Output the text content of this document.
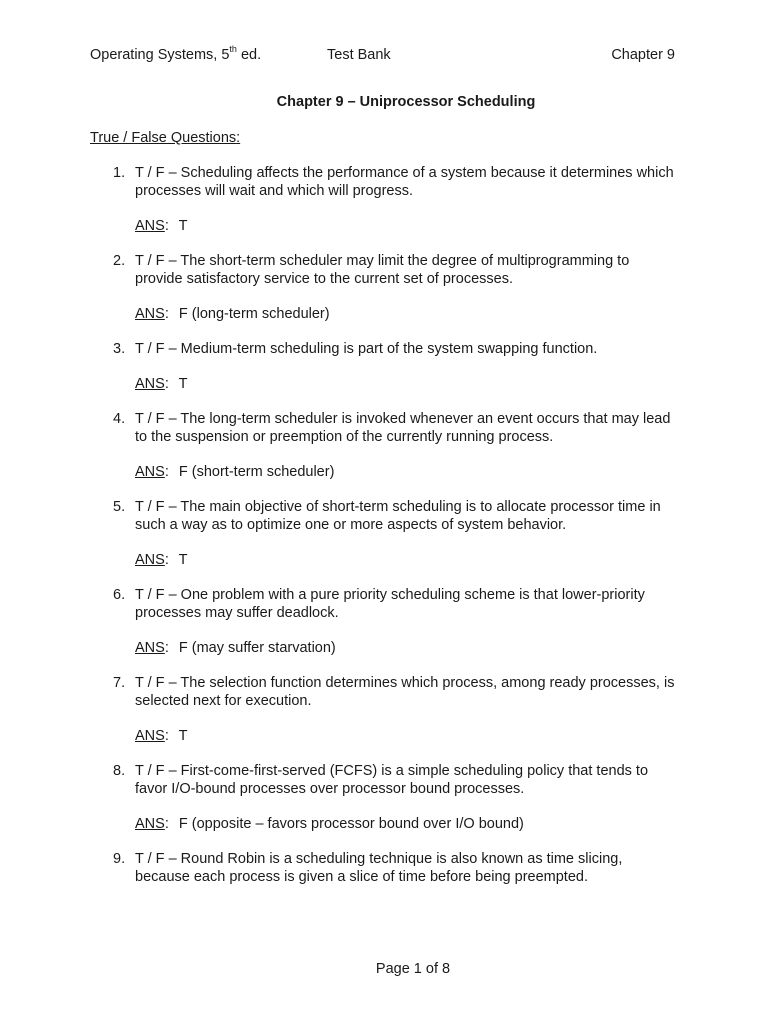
Operating Systems, 5th ed.	Test Bank	Chapter 9
Chapter 9 – Uniprocessor Scheduling
True / False Questions:
1. T / F – Scheduling affects the performance of a system because it determines which processes will wait and which will progress.
ANS: T
2. T / F – The short-term scheduler may limit the degree of multiprogramming to provide satisfactory service to the current set of processes.
ANS: F (long-term scheduler)
3. T / F – Medium-term scheduling is part of the system swapping function.
ANS: T
4. T / F – The long-term scheduler is invoked whenever an event occurs that may lead to the suspension or preemption of the currently running process.
ANS: F (short-term scheduler)
5. T / F – The main objective of short-term scheduling is to allocate processor time in such a way as to optimize one or more aspects of system behavior.
ANS: T
6. T / F – One problem with a pure priority scheduling scheme is that lower-priority processes may suffer deadlock.
ANS: F (may suffer starvation)
7. T / F – The selection function determines which process, among ready processes, is selected next for execution.
ANS: T
8. T / F – First-come-first-served (FCFS) is a simple scheduling policy that tends to favor I/O-bound processes over processor bound processes.
ANS: F (opposite – favors processor bound over I/O bound)
9. T / F – Round Robin is a scheduling technique is also known as time slicing, because each process is given a slice of time before being preempted.
Page 1 of 8
